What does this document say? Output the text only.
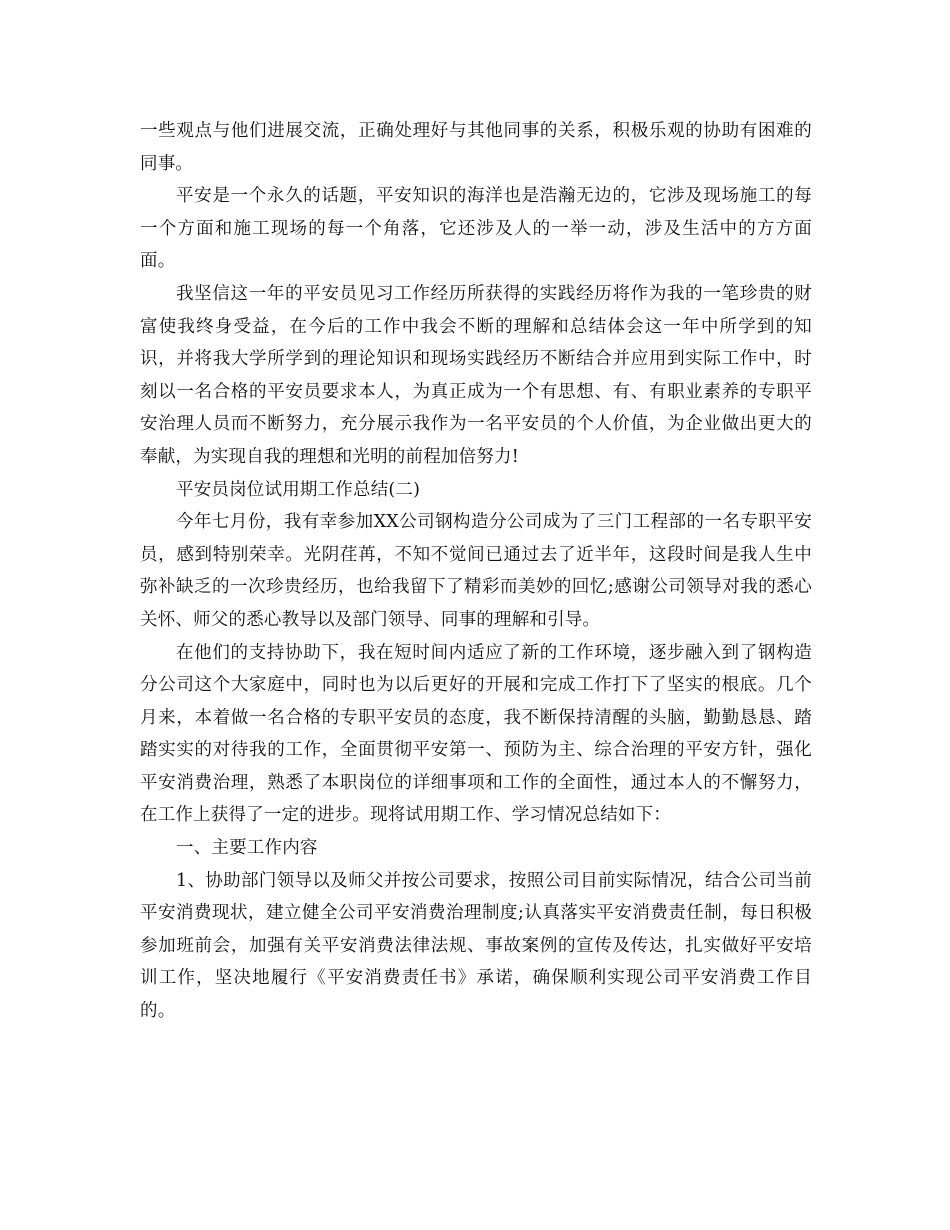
一些观点与他们进展交流，正确处理好与其他同事的关系，积极乐观的协助有困难的同事。

平安是一个永久的话题，平安知识的海洋也是浩瀚无边的，它涉及现场施工的每一个方面和施工现场的每一个角落，它还涉及人的一举一动，涉及生活中的方方面面。

我坚信这一年的平安员见习工作经历所获得的实践经历将作为我的一笔珍贵的财富使我终身受益，在今后的工作中我会不断的理解和总结体会这一年中所学到的知识，并将我大学所学到的理论知识和现场实践经历不断结合并应用到实际工作中，时刻以一名合格的平安员要求本人，为真正成为一个有思想、有、有职业素养的专职平安治理人员而不断努力，充分展示我作为一名平安员的个人价值，为企业做出更大的奉献，为实现自我的理想和光明的前程加倍努力!

平安员岗位试用期工作总结(二)

今年七月份，我有幸参加XX公司钢构造分公司成为了三门工程部的一名专职平安员，感到特别荣幸。光阴荏苒，不知不觉间已通过去了近半年，这段时间是我人生中弥补缺乏的一次珍贵经历，也给我留下了精彩而美妙的回忆;感谢公司领导对我的悉心关怀、师父的悉心教导以及部门领导、同事的理解和引导。

在他们的支持协助下，我在短时间内适应了新的工作环境，逐步融入到了钢构造分公司这个大家庭中，同时也为以后更好的开展和完成工作打下了坚实的根底。几个月来，本着做一名合格的专职平安员的态度，我不断保持清醒的头脑，勤勤恳恳、踏踏实实的对待我的工作，全面贯彻平安第一、预防为主、综合治理的平安方针，强化平安消费治理，熟悉了本职岗位的详细事项和工作的全面性，通过本人的不懈努力，在工作上获得了一定的进步。现将试用期工作、学习情况总结如下：

一、主要工作内容

1、协助部门领导以及师父并按公司要求，按照公司目前实际情况，结合公司当前平安消费现状，建立健全公司平安消费治理制度;认真落实平安消费责任制，每日积极参加班前会，加强有关平安消费法律法规、事故案例的宣传及传达，扎实做好平安培训工作，坚决地履行《平安消费责任书》承诺，确保顺利实现公司平安消费工作目的。
